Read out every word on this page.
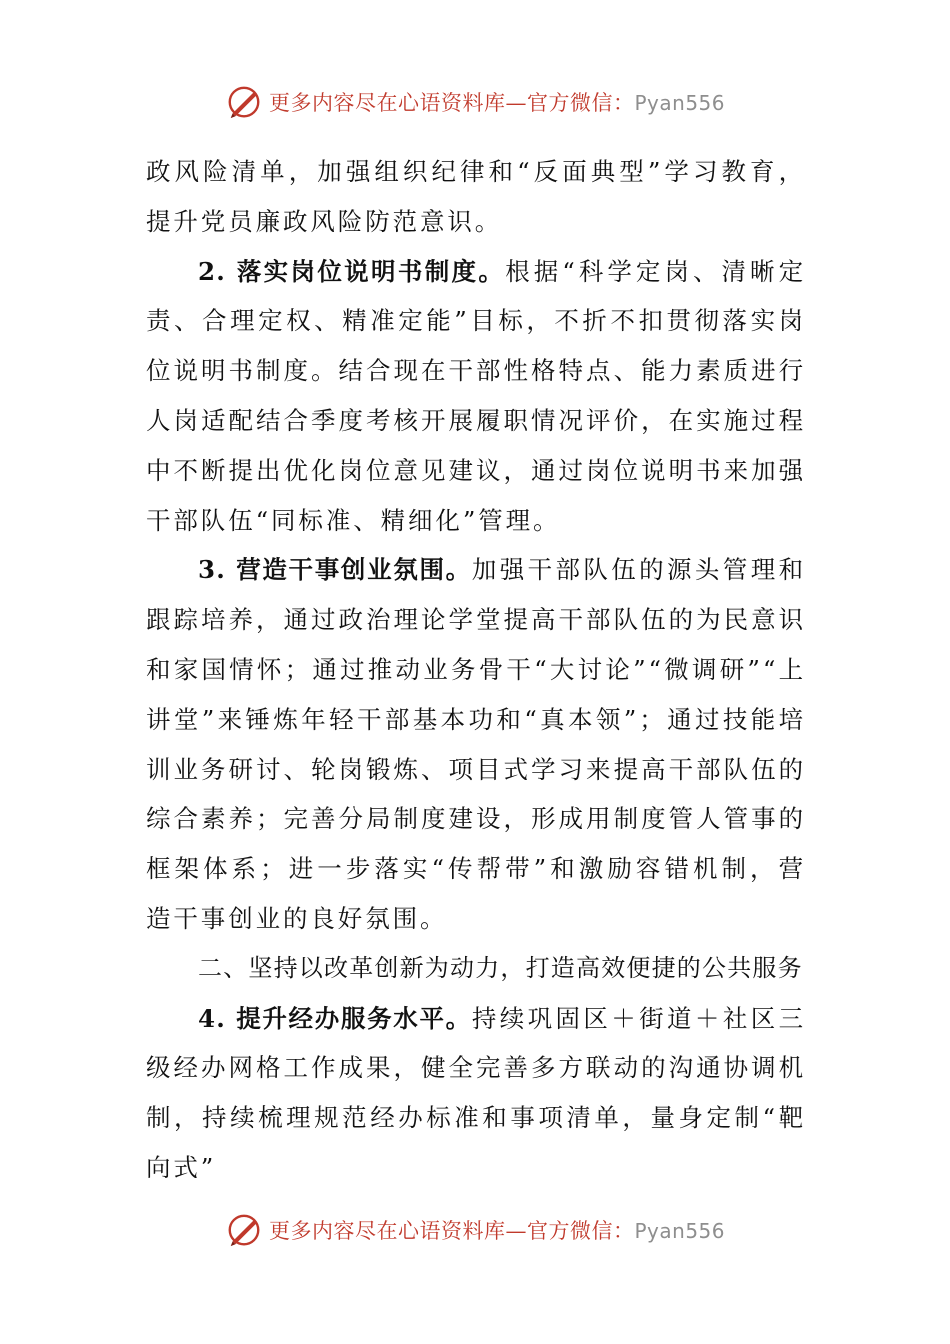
更多内容尽在心语资料库—官方微信：Pyan556

政风险清单，加强组织纪律和“反面典型”学习教育，提升党员廉政风险防范意识。

2. 落实岗位说明书制度。根据“科学定岗、清晰定责、合理定权、精准定能”目标，不折不扣贯彻落实岗位说明书制度。结合现在干部性格特点、能力素质进行人岗适配结合季度考核开展履职情况评价，在实施过程中不断提出优化岗位意见建议，通过岗位说明书来加强干部队伍“同标准、精细化”管理。

3. 营造干事创业氛围。加强干部队伍的源头管理和跟踪培养，通过政治理论学堂提高干部队伍的为民意识和家国情怀；通过推动业务骨干“大讨论”“微调研”“上讲堂”来锤炼年轻干部基本功和“真本领”；通过技能培训业务研讨、轮岗锻炼、项目式学习来提高干部队伍的综合素养；完善分局制度建设，形成用制度管人管事的框架体系；进一步落实“传帮带”和激励容错机制，营造干事创业的良好氛围。

二、坚持以改革创新为动力，打造高效便捷的公共服务

4. 提升经办服务水平。持续巩固区＋街道＋社区三级经办网格工作成果，健全完善多方联动的沟通协调机制，持续梳理规范经办标准和事项清单，量身定制“靶向式”

更多内容尽在心语资料库—官方微信：Pyan556
